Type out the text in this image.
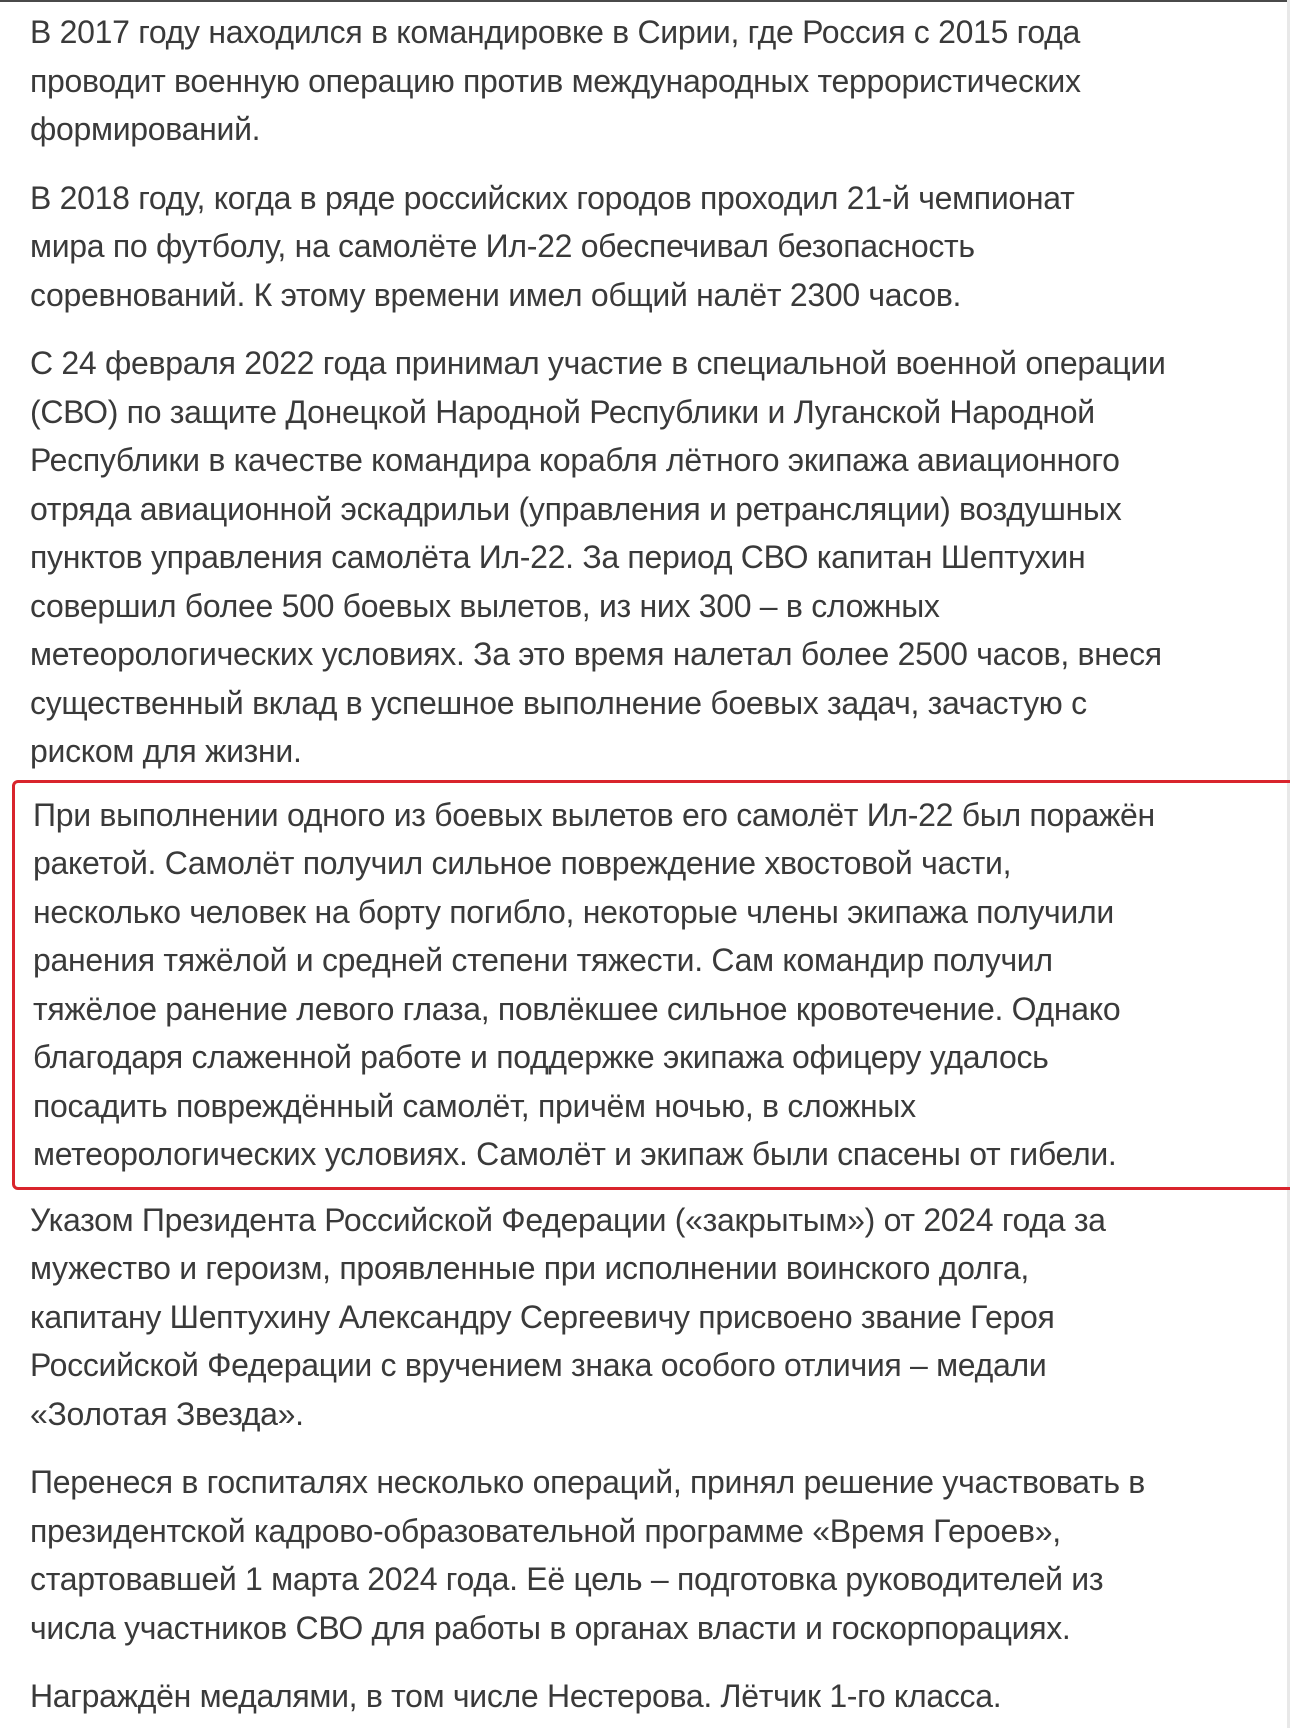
В 2017 году находился в командировке в Сирии, где Россия с 2015 года
проводит военную операцию против международных террористических
формирований.

В 2018 году, когда в ряде российских городов проходил 21-й чемпионат
мира по футболу, на самолёте Ил-22 обеспечивал безопасность
соревнований. К этому времени имел общий налёт 2300 часов.

С 24 февраля 2022 года принимал участие в специальной военной операции
(СВО) по защите Донецкой Народной Республики и Луганской Народной
Республики в качестве командира корабля лётного экипажа авиационного
отряда авиационной эскадрильи (управления и ретрансляции) воздушных
пунктов управления самолёта Ил-22. За период СВО капитан Шептухин
совершил более 500 боевых вылетов, из них 300 – в сложных
метеорологических условиях. За это время налетал более 2500 часов, внеся
существенный вклад в успешное выполнение боевых задач, зачастую с
риском для жизни.

При выполнении одного из боевых вылетов его самолёт Ил-22 был поражён
ракетой. Самолёт получил сильное повреждение хвостовой части,
несколько человек на борту погибло, некоторые члены экипажа получили
ранения тяжёлой и средней степени тяжести. Сам командир получил
тяжёлое ранение левого глаза, повлёкшее сильное кровотечение. Однако
благодаря слаженной работе и поддержке экипажа офицеру удалось
посадить повреждённый самолёт, причём ночью, в сложных
метеорологических условиях. Самолёт и экипаж были спасены от гибели.

Указом Президента Российской Федерации («закрытым») от 2024 года за
мужество и героизм, проявленные при исполнении воинского долга,
капитану Шептухину Александру Сергеевичу присвоено звание Героя
Российской Федерации с вручением знака особого отличия – медали
«Золотая Звезда».

Перенеся в госпиталях несколько операций, принял решение участвовать в
президентской кадрово-образовательной программе «Время Героев»,
стартовавшей 1 марта 2024 года. Её цель – подготовка руководителей из
числа участников СВО для работы в органах власти и госкорпорациях.

Награждён медалями, в том числе Нестерова. Лётчик 1-го класса.
